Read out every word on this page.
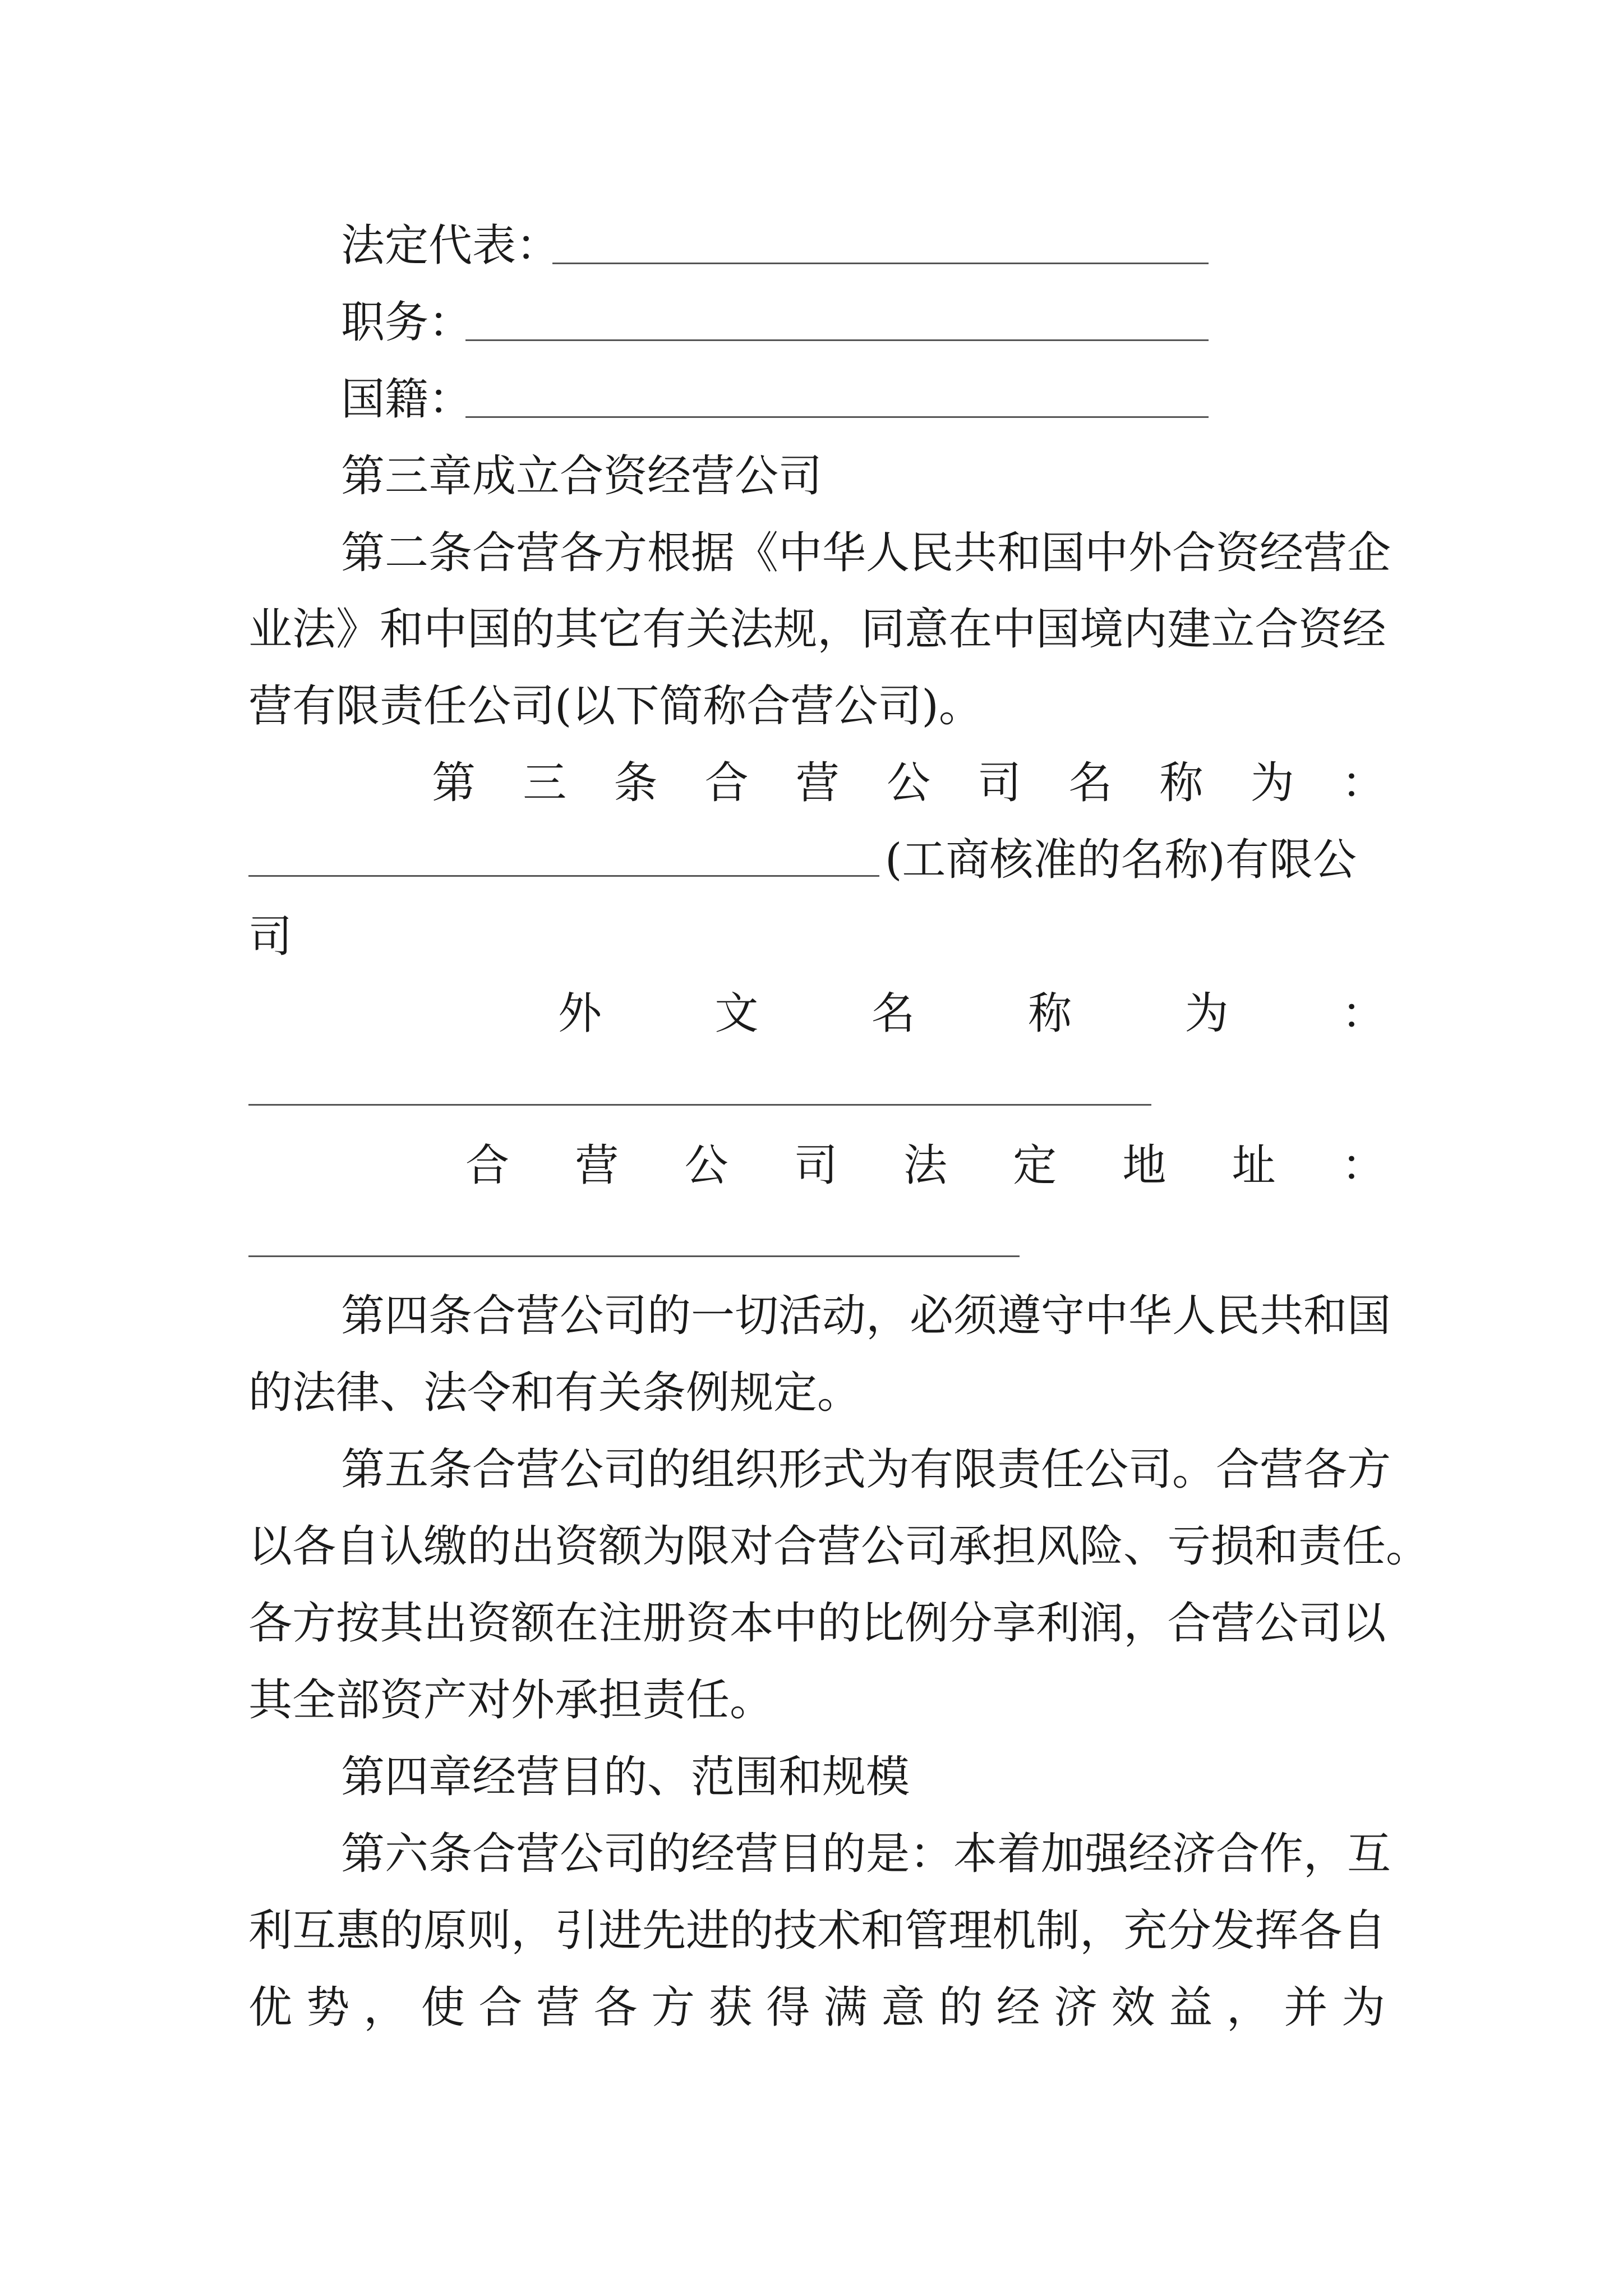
法定代表：
职务：
国籍：
第三章成立合资经营公司
第二条合营各方根据《中华人民共和国中外合资经营企
业 法 》 和 中 国 的 其 它 有 关 法 规 ， 同 意 在 中 国 境 内 建 立 合 资 经
营有限责任公司(以下简称合营公司)。
第 三 条 合 营 公 司 名 称 为 ：
(工商核准的名称)有限公
司
外	文	名	称	为	：
合 营 公 司 法 定 地 址 ：
第四条合营公司的一切活动，必须遵守中华人民共和国
的法律、法令和有关条例规定。
第五条合营公司的组织形式为有限责任公司。合营各方
以各自认缴的出资额为限对合营公司承担风险、亏损和责任。
各 方 按 其 出 资 额 在 注 册 资 本 中 的 比 例 分 享 利 润 ， 合 营 公 司 以
其全部资产对外承担责任。
第四章经营目的、范围和规模
第六条合营公司的经营目的是：本着加强经济合作，互
利 互 惠 的 原 则 ， 引 进 先 进 的 技 术 和 管 理 机 制 ， 充 分 发 挥 各 自
优 势 ， 使 合 营 各 方 获 得 满 意 的 经 济 效 益 ， 并 为
